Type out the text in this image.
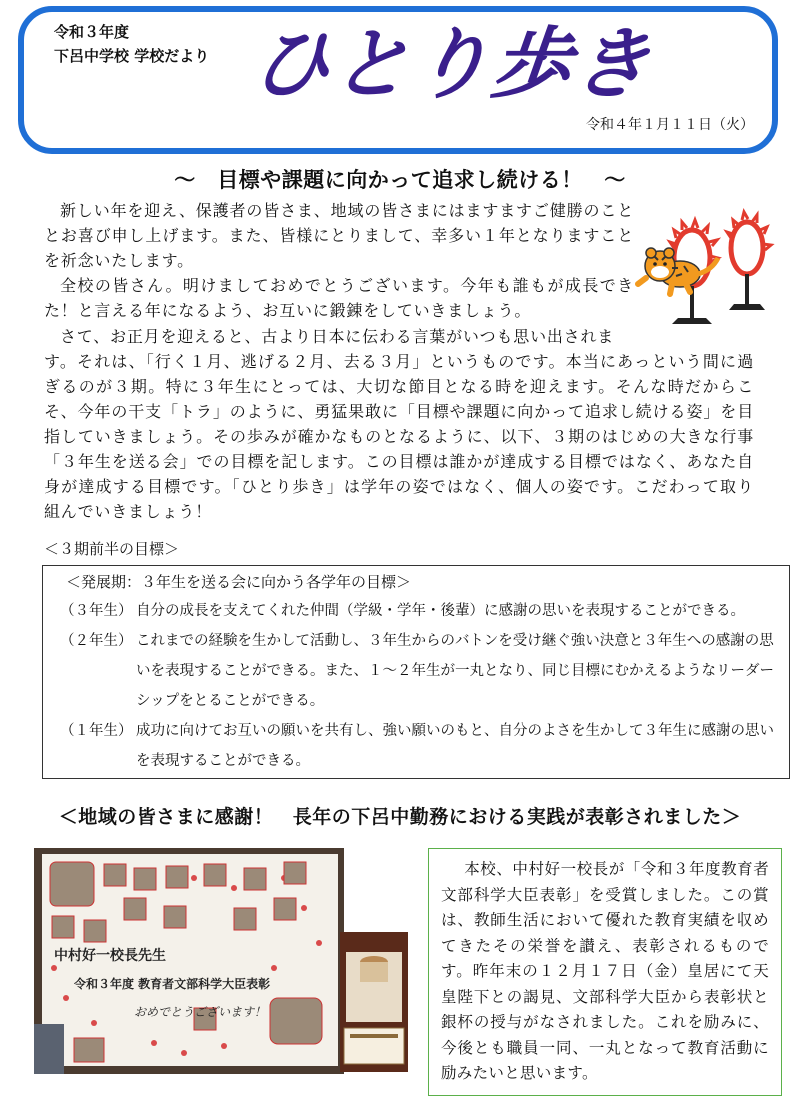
令和３年度
下呂中学校 学校だより ひとり歩き
令和４年１月１１日（火）
～　目標や課題に向かって追求し続ける！　～
新しい年を迎え、保護者の皆さま、地域の皆さまにはますますご健勝のこととお喜び申し上げます。また、皆様にとりまして、幸多い１年となりますことを祈念いたします。
全校の皆さん。明けましておめでとうございます。今年も誰もが成長できた！と言える年になるよう、お互いに鍛錬をしていきましょう。
さて、お正月を迎えると、古より日本に伝わる言葉がいつも思い出されま
す。それは、「行く１月、逃げる２月、去る３月」というものです。本当にあっという間に過ぎるのが３期。特に３年生にとっては、大切な節目となる時を迎えます。そんな時だからこそ、今年の干支「トラ」のように、勇猛果敢に「目標や課題に向かって追求し続ける姿」を目指していきましょう。その歩みが確かなものとなるように、以下、３期のはじめの大きな行事「３年生を送る会」での目標を記します。この目標は誰かが達成する目標ではなく、あなた自身が達成する目標です。「ひとり歩き」は学年の姿ではなく、個人の姿です。こだわって取り組んでいきましょう！
＜３期前半の目標＞
＜発展期：３年生を送る会に向かう各学年の目標＞
（３年生） 自分の成長を支えてくれた仲間（学級・学年・後輩）に感謝の思いを表現することができる。
（２年生） これまでの経験を生かして活動し、３年生からのバトンを受け継ぐ強い決意と３年生への感謝の思いを表現することができる。また、１～２年生が一丸となり、同じ目標にむかえるようなリーダーシップをとることができる。
（１年生） 成功に向けてお互いの願いを共有し、強い願いのもと、自分のよさを生かして３年生に感謝の思いを表現することができる。
＜地域の皆さまに感謝！　長年の下呂中勤務における実践が表彰されました＞
中村好一校長先生
令和３年度 教育者文部科学大臣表彰
おめでとうございます！

本校、中村好一校長が「令和３年度教育者文部科学大臣表彰」を受賞しました。この賞は、教師生活において優れた教育実績を収めてきたその栄誉を讃え、表彰されるものです。昨年末の１２月１７日（金）皇居にて天皇陛下との謁見、文部科学大臣から表彰状と銀杯の授与がなされました。これを励みに、今後とも職員一同、一丸となって教育活動に励みたいと思います。
